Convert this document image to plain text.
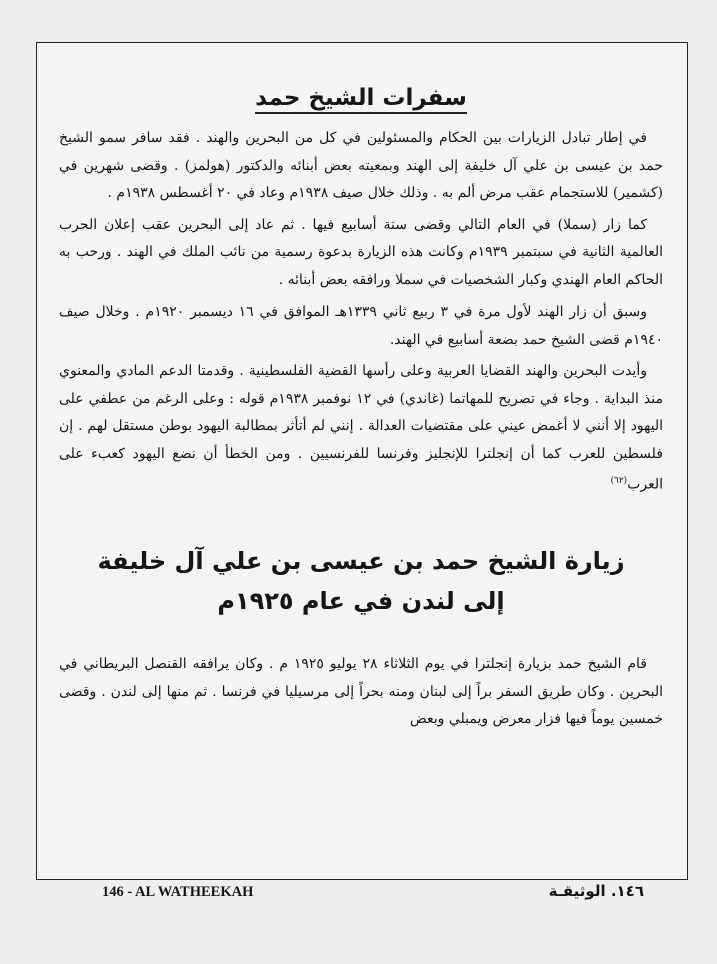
سفرات الشيخ حمد

في إطار تبادل الزيارات بين الحكام والمسئولين في كل من البحرين والهند . فقد سافر سمو الشيخ حمد بن عيسى بن علي آل خليفة إلى الهند وبمعيته بعض أبنائه والدكتور (هولمز) . وقضى شهرين في (كشمير) للاستجمام عقب مرض ألم به . وذلك خلال صيف ١٩٣٨م وعاد في ٢٠ أغسطس ١٩٣٨م .

كما زار (سملا) في العام التالي وقضى ستة أسابيع فيها . ثم عاد إلى البحرين عقب إعلان الحرب العالمية الثانية في سبتمبر ١٩٣٩م وكانت هذه الزيارة بدعوة رسمية من نائب الملك في الهند . ورحب به الحاكم العام الهندي وكبار الشخصيات في سملا ورافقه بعض أبنائه .

وسبق أن زار الهند لأول مرة في ٣ ربيع ثاني ١٣٣٩هـ الموافق في ١٦ ديسمبر ١٩٢٠م . وخلال صيف ١٩٤٠م قضى الشيخ حمد بضعة أسابيع في الهند.

وأيدت البحرين والهند القضايا العربية وعلى رأسها القضية الفلسطينية . وقدمتا الدعم المادي والمعنوي منذ البداية . وجاء في تصريح للمهاتما (غاندي) في ١٢ نوفمبر ١٩٣٨م قوله : وعلى الرغم من عطفي على اليهود إلا أنني لا أغمض عيني على مقتضيات العدالة . إنني لم أتأثر بمطالبة اليهود بوطن مستقل لهم . إن فلسطين للعرب كما أن إنجلترا للإنجليز وفرنسا للفرنسيين . ومن الخطأ أن نضع اليهود كعبء على العرب$^{(٦٢)}$

زيارة الشيخ حمد بن عيسى بن علي آل خليفة
إلى لندن في عام ١٩٢٥م

قام الشيخ حمد بزيارة إنجلترا في يوم الثلاثاء ٢٨ يوليو ١٩٢٥ م . وكان يرافقه القنصل البريطاني في البحرين . وكان طريق السفر براً إلى لبنان ومنه بحراً إلى مرسيليا في فرنسا . ثم منها إلى لندن . وقضى خمسين يوماً فيها فزار معرض ويمبلي وبعض

146 - AL WATHEEKAH	١٤٦. الوثيقـة
